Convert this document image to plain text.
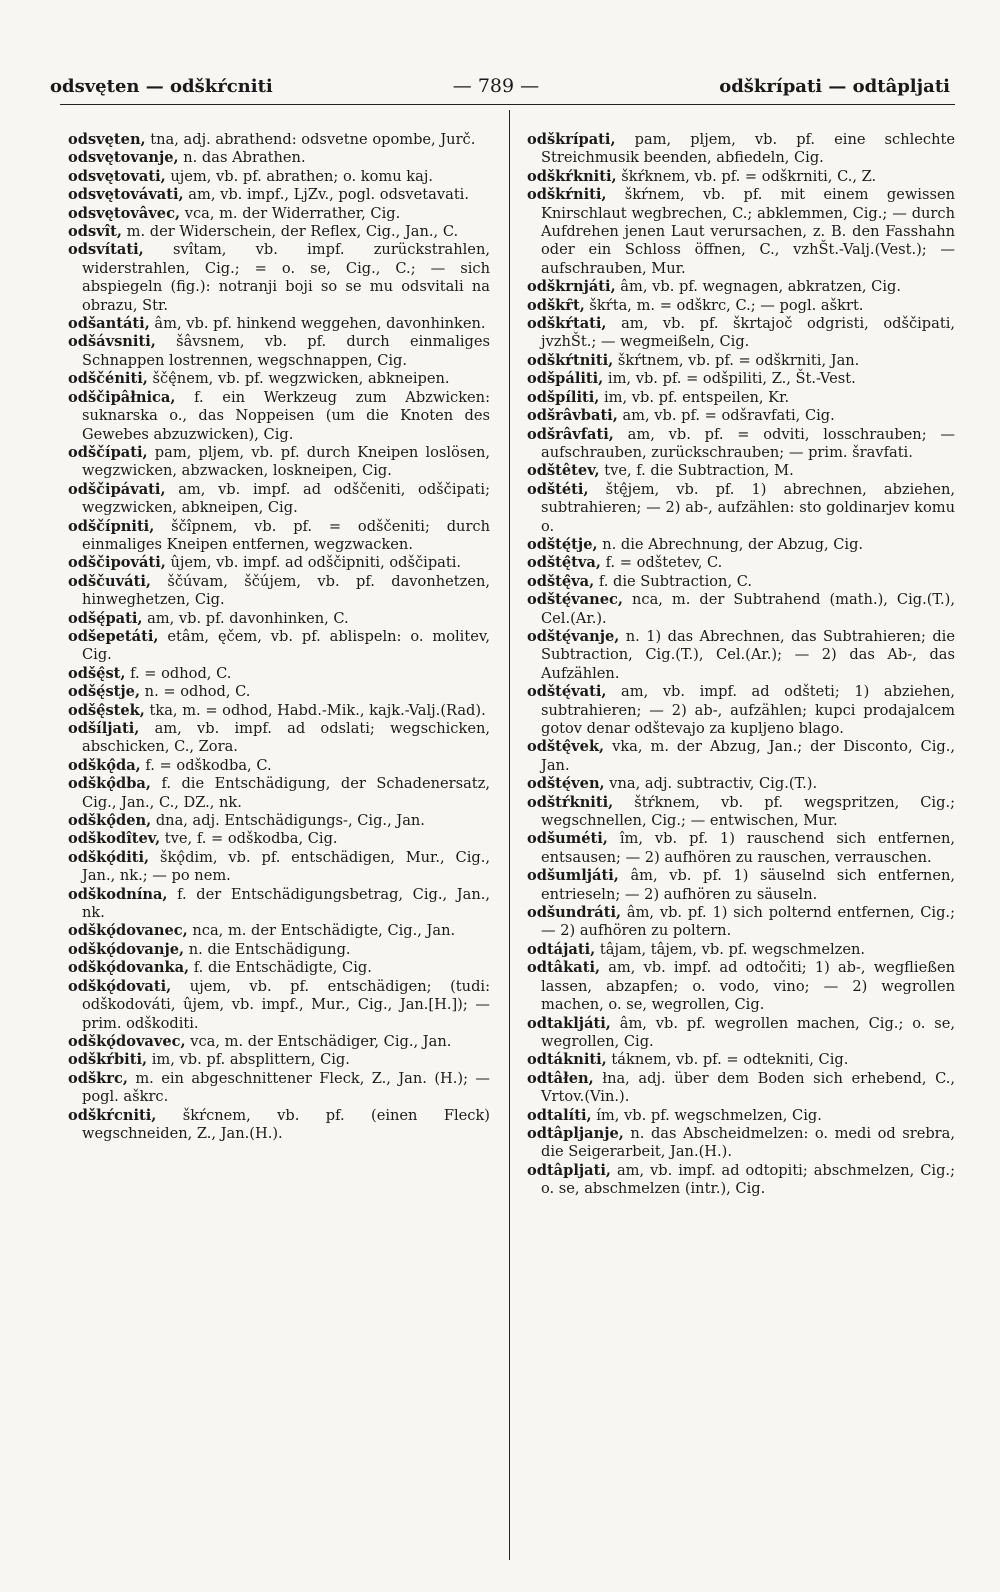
odsvęten — odškŕcniti	— 789 —	odškrípati — odtâpljati

odsvęten, tna, adj. abrathend: odsvetne opombe, Jurč.

odsvętovanje, n. das Abrathen.

odsvętovati, ujem, vb. pf. abrathen; o. komu kaj.

odsvętovávati, am, vb. impf., LjZv., pogl. odsvetavati.

odsvętovâvec, vca, m. der Widerrather, Cig.

odsvît, m. der Widerschein, der Reflex, Cig., Jan., C.

odsvítati, svîtam, vb. impf. zurückstrahlen, widerstrahlen, Cig.; = o. se, Cig., C.; — sich abspiegeln (fig.): notranji boji so se mu odsvitali na obrazu, Str.

odšantáti, âm, vb. pf. hinkend weggehen, davonhinken.

odšávsniti, šâvsnem, vb. pf. durch einmaliges Schnappen lostrennen, wegschnappen, Cig.

odščéniti, ščę̂nem, vb. pf. wegzwicken, abkneipen.

odščipâłnica, f. ein Werkzeug zum Abzwicken: suknarska o., das Noppeisen (um die Knoten des Gewebes abzuzwicken), Cig.

odščípati, pam, pljem, vb. pf. durch Kneipen loslösen, wegzwicken, abzwacken, loskneipen, Cig.

odščipávati, am, vb. impf. ad odščeniti, odščipati; wegzwicken, abkneipen, Cig.

odščípniti, ščîpnem, vb. pf. = odščeniti; durch einmaliges Kneipen entfernen, wegzwacken.

odščipováti, ûjem, vb. impf. ad odščipniti, odščipati.

odščuváti, ščúvam, ščújem, vb. pf. davonhetzen, hinweghetzen, Cig.

odšę́pati, am, vb. pf. davonhinken, C.

odšepetáti, etâm, ęčem, vb. pf. ablispeln: o. molitev, Cig.

odšę̂st, f. = odhod, C.

odšę́stje, n. = odhod, C.

odšę̂stek, tka, m. = odhod, Habd.-Mik., kajk.-Valj.(Rad).

odšíljati, am, vb. impf. ad odslati; wegschicken, abschicken, C., Zora.

odškǫ̂da, f. = odškodba, C.

odškǫ̂dba, f. die Entschädigung, der Schadenersatz, Cig., Jan., C., DZ., nk.

odškǫ̂den, dna, adj. Entschädigungs-, Cig., Jan.

odškodîtev, tve, f. = odškodba, Cig.

odškǫ́diti, škǫ̂dim, vb. pf. entschädigen, Mur., Cig., Jan., nk.; — po nem.

odškodnína, f. der Entschädigungsbetrag, Cig., Jan., nk.

odškǫ́dovanec, nca, m. der Entschädigte, Cig., Jan.

odškǫ́dovanje, n. die Entschädigung.

odškǫ́dovanka, f. die Entschädigte, Cig.

odškǫ́dovati, ujem, vb. pf. entschädigen; (tudi: odškodováti, ûjem, vb. impf., Mur., Cig., Jan.[H.]); — prim. odškoditi.

odškǫ́dovavec, vca, m. der Entschädiger, Cig., Jan.

odškŕbiti, im, vb. pf. absplittern, Cig.

odškrc, m. ein abgeschnittener Fleck, Z., Jan. (H.); — pogl. aškrc.

odškŕcniti, škŕcnem, vb. pf. (einen Fleck) wegschneiden, Z., Jan.(H.).

odškrípati, pam, pljem, vb. pf. eine schlechte Streichmusik beenden, abfiedeln, Cig.

odškŕkniti, škŕknem, vb. pf. = odškrniti, C., Z.

odškŕniti, škŕnem, vb. pf. mit einem gewissen Knirschlaut wegbrechen, C.; abklemmen, Cig.; — durch Aufdrehen jenen Laut verursachen, z. B. den Fasshahn oder ein Schloss öffnen, C., vzhŠt.-Valj.(Vest.); — aufschrauben, Mur.

odškrnjáti, âm, vb. pf. wegnagen, abkratzen, Cig.

odškȓt, škŕta, m. = odškrc, C.; — pogl. aškrt.

odškŕtati, am, vb. pf. škrtajoč odgristi, odščipati, jvzhŠt.; — wegmeißeln, Cig.

odškŕtniti, škŕtnem, vb. pf. = odškrniti, Jan.

odšpáliti, im, vb. pf. = odšpiliti, Z., Št.-Vest.

odšpíliti, im, vb. pf. entspeilen, Kr.

odšrâvbati, am, vb. pf. = odšravfati, Cig.

odšrâvfati, am, vb. pf. = odviti, losschrauben; — aufschrauben, zurückschrauben; — prim. šravfati.

odštêtev, tve, f. die Subtraction, M.

odštéti, štę̂jem, vb. pf. 1) abrechnen, abziehen, subtrahieren; — 2) ab-, aufzählen: sto goldinarjev komu o.

odštę́tje, n. die Abrechnung, der Abzug, Cig.

odštę̂tva, f. = odštetev, C.

odštę̂va, f. die Subtraction, C.

odštę́vanec, nca, m. der Subtrahend (math.), Cig.(T.), Cel.(Ar.).

odštę́vanje, n. 1) das Abrechnen, das Subtrahieren; die Subtraction, Cig.(T.), Cel.(Ar.); — 2) das Ab-, das Aufzählen.

odštę́vati, am, vb. impf. ad odšteti; 1) abziehen, subtrahieren; — 2) ab-, aufzählen; kupci prodajalcem gotov denar odštevajo za kupljeno blago.

odštę̂vek, vka, m. der Abzug, Jan.; der Disconto, Cig., Jan.

odštę́ven, vna, adj. subtractiv, Cig.(T.).

odštŕkniti, štŕknem, vb. pf. wegspritzen, Cig.; wegschnellen, Cig.; — entwischen, Mur.

odšuméti, îm, vb. pf. 1) rauschend sich entfernen, entsausen; — 2) aufhören zu rauschen, verrauschen.

odšumljáti, âm, vb. pf. 1) säuselnd sich entfernen, entrieseln; — 2) aufhören zu säuseln.

odšundráti, âm, vb. pf. 1) sich polternd entfernen, Cig.; — 2) aufhören zu poltern.

odtájati, tâjam, tâjem, vb. pf. wegschmelzen.

odtâkati, am, vb. impf. ad odtočiti; 1) ab-, wegfließen lassen, abzapfen; o. vodo, vino; — 2) wegrollen machen, o. se, wegrollen, Cig.

odtakljáti, âm, vb. pf. wegrollen machen, Cig.; o. se, wegrollen, Cig.

odtákniti, táknem, vb. pf. = odtekniti, Cig.

odtâłen, łna, adj. über dem Boden sich erhebend, C., Vrtov.(Vin.).

odtalíti, ím, vb. pf. wegschmelzen, Cig.

odtâpljanje, n. das Abscheidmelzen: o. medi od srebra, die Seigerarbeit, Jan.(H.).

odtâpljati, am, vb. impf. ad odtopiti; abschmelzen, Cig.; o. se, abschmelzen (intr.), Cig.
